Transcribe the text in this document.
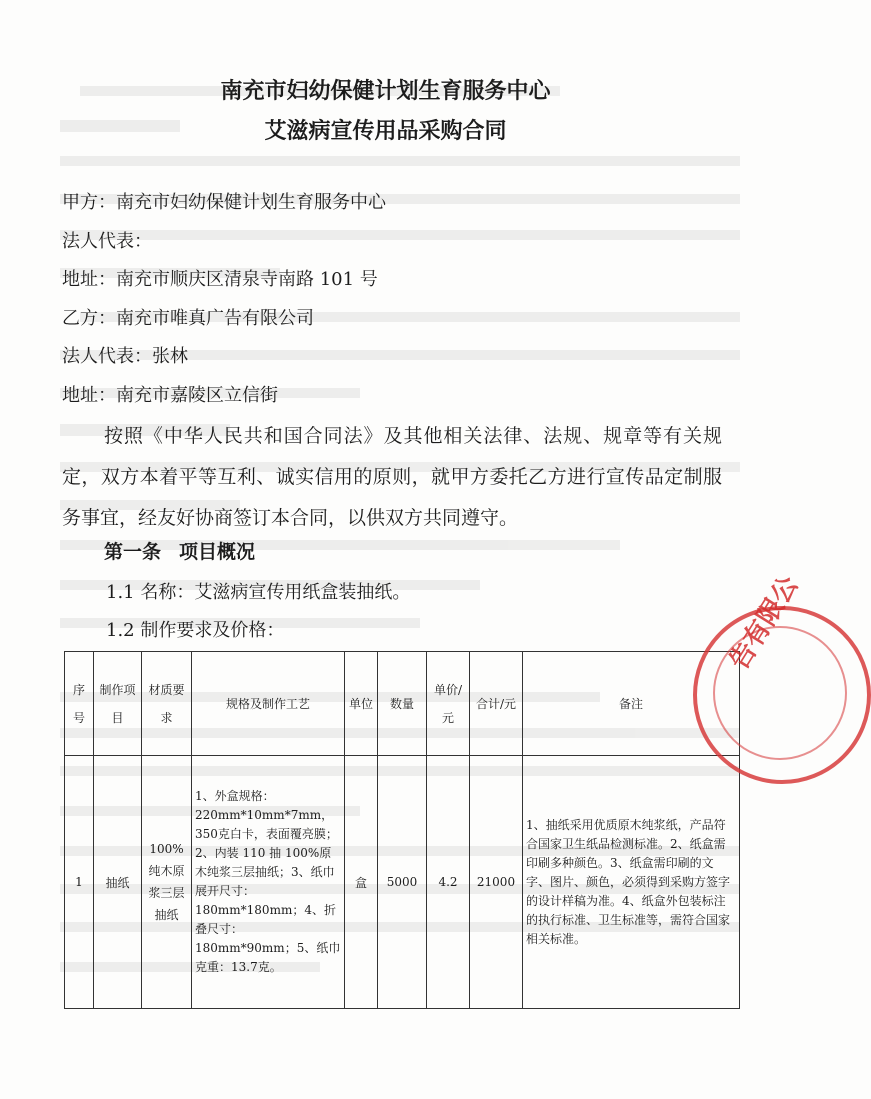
南充市妇幼保健计划生育服务中心
艾滋病宣传用品采购合同
甲方：南充市妇幼保健计划生育服务中心
法人代表：
地址：南充市顺庆区清泉寺南路 101 号
乙方：南充市唯真广告有限公司
法人代表：张林
地址：南充市嘉陵区立信街
按照《中华人民共和国合同法》及其他相关法律、法规、规章等有关规定，双方本着平等互利、诚实信用的原则，就甲方委托乙方进行宣传品定制服务事宜，经友好协商签订本合同，以供双方共同遵守。
第一条 项目概况
1.1 名称：艾滋病宣传用纸盒装抽纸。
1.2 制作要求及价格：
序号	制作项目	材质要求	规格及制作工艺	单位	数量	单价/元	合计/元	备注
1	抽纸	100%纯木原浆三层抽纸	1、外盒规格：220mm*10mm*7mm，350克白卡，表面覆亮膜；2、内装 110 抽 100%原木纯浆三层抽纸；3、纸巾展开尺寸：180mm*180mm；4、折叠尺寸：180mm*90mm；5、纸巾克重：13.7克。	盒	5000	4.2	21000	1、抽纸采用优质原木纯浆纸，产品符合国家卫生纸品检测标准。2、纸盒需印刷多种颜色。3、纸盒需印刷的文字、图片、颜色，必须得到采购方签字的设计样稿为准。4、纸盒外包装标注的执行标准、卫生标准等，需符合国家相关标准。
告有限公
